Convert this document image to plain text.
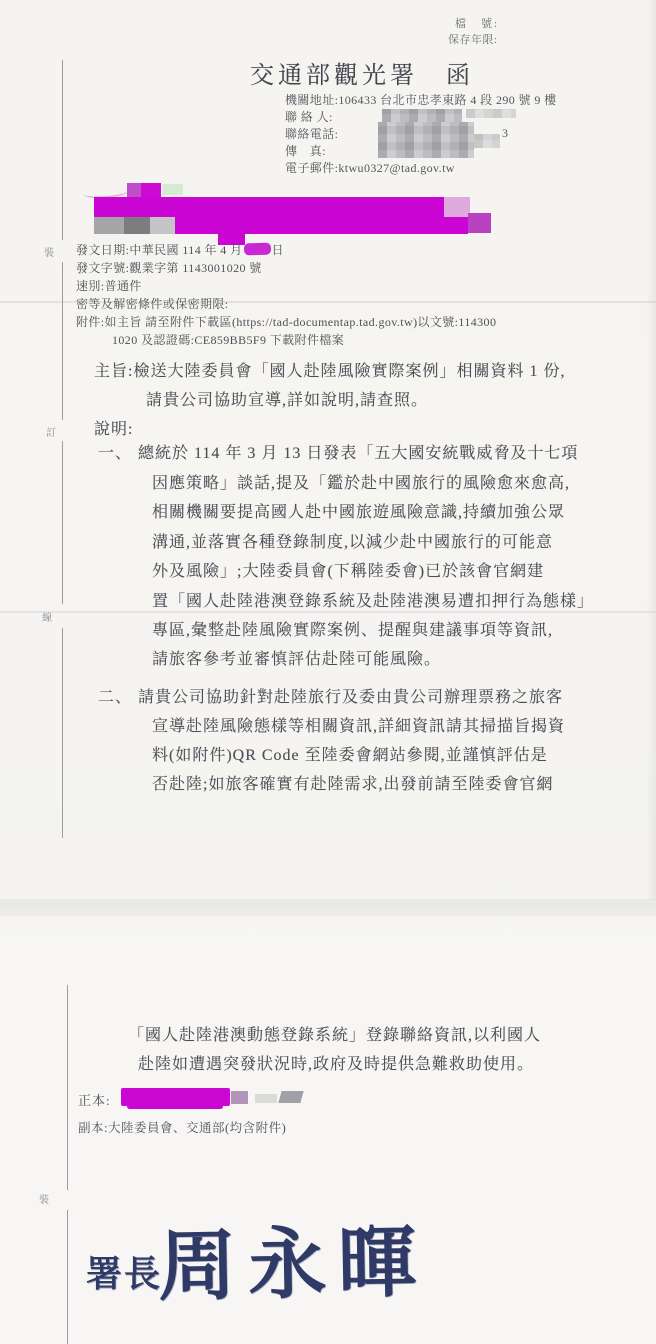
裝
訂
線
裝
檔　號:
保存年限:
交通部觀光署　函
機關地址:106433 台北市忠孝東路 4 段 290 號 9 樓
聯 絡 人:
聯絡電話:
傳　真:
電子郵件:ktwu0327@tad.gov.tw
3
發文日期:中華民國 114 年 4 月 日
發文字號:觀業字第 1143001020 號
速別:普通件
密等及解密條件或保密期限:
附件:如主旨 請至附件下載區(https://tad-documentap.tad.gov.tw)以文號:114300
1020 及認證碼:CE859BB5F9 下載附件檔案
主旨:檢送大陸委員會「國人赴陸風險實際案例」相關資料 1 份,
請貴公司協助宣導,詳如說明,請查照。
說明:
一、 總統於 114 年 3 月 13 日發表「五大國安統戰威脅及十七項
因應策略」談話,提及「鑑於赴中國旅行的風險愈來愈高,
相關機關要提高國人赴中國旅遊風險意識,持續加強公眾
溝通,並落實各種登錄制度,以減少赴中國旅行的可能意
外及風險」;大陸委員會(下稱陸委會)已於該會官網建
置「國人赴陸港澳登錄系統及赴陸港澳易遭扣押行為態樣」
專區,彙整赴陸風險實際案例、提醒與建議事項等資訊,
請旅客參考並審慎評估赴陸可能風險。
二、 請貴公司協助針對赴陸旅行及委由貴公司辦理票務之旅客
宣導赴陸風險態樣等相關資訊,詳細資訊請其掃描旨揭資
料(如附件)QR Code 至陸委會網站參閱,並謹慎評估是
否赴陸;如旅客確實有赴陸需求,出發前請至陸委會官網
「國人赴陸港澳動態登錄系統」登錄聯絡資訊,以利國人
赴陸如遭遇突發狀況時,政府及時提供急難救助使用。
正本:
副本:大陸委員會、交通部(均含附件)
署長
周永暉
